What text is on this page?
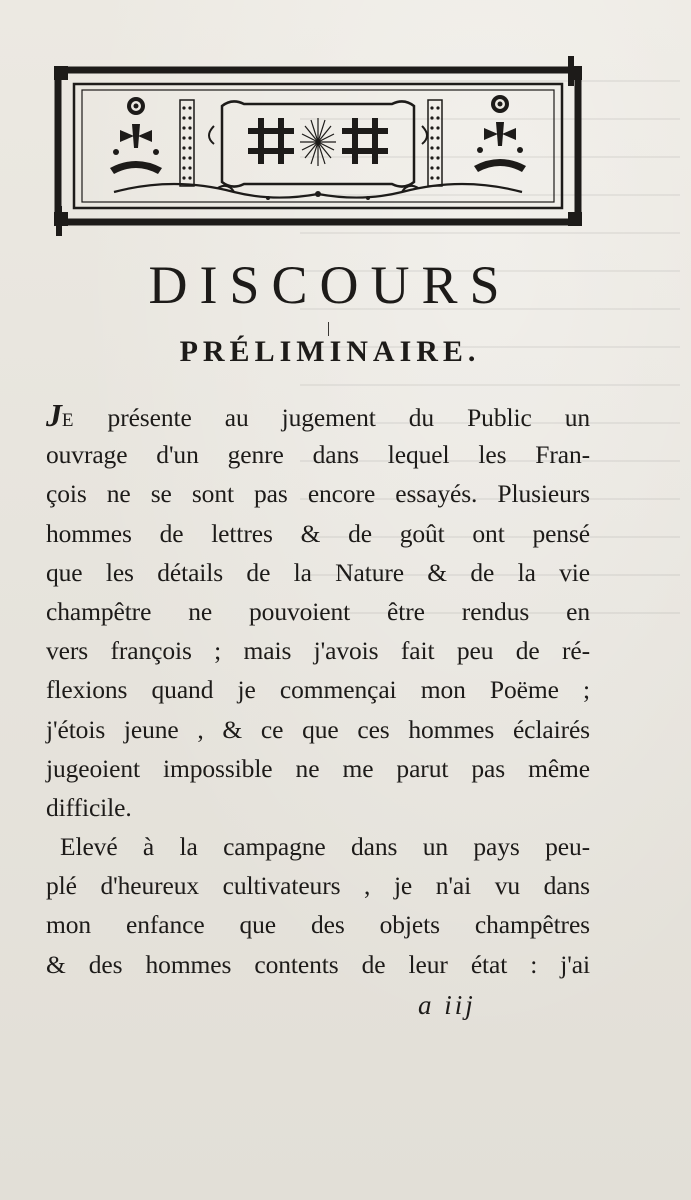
DISCOURS
PRÉLIMINAIRE.
JE présente au jugement du Public un
ouvrage d'un genre dans lequel les Fran-
çois ne se sont pas encore essayés. Plusieurs
hommes de lettres & de goût ont pensé
que les détails de la Nature & de la vie
champêtre ne pouvoient être rendus en
vers françois ; mais j'avois fait peu de ré-
flexions quand je commençai mon Poëme ;
j'étois jeune , & ce que ces hommes éclairés
jugeoient impossible ne me parut pas même
difficile.
Elevé à la campagne dans un pays peu-
plé d'heureux cultivateurs , je n'ai vu dans
mon enfance que des objets champêtres
& des hommes contents de leur état : j'ai
a iij
